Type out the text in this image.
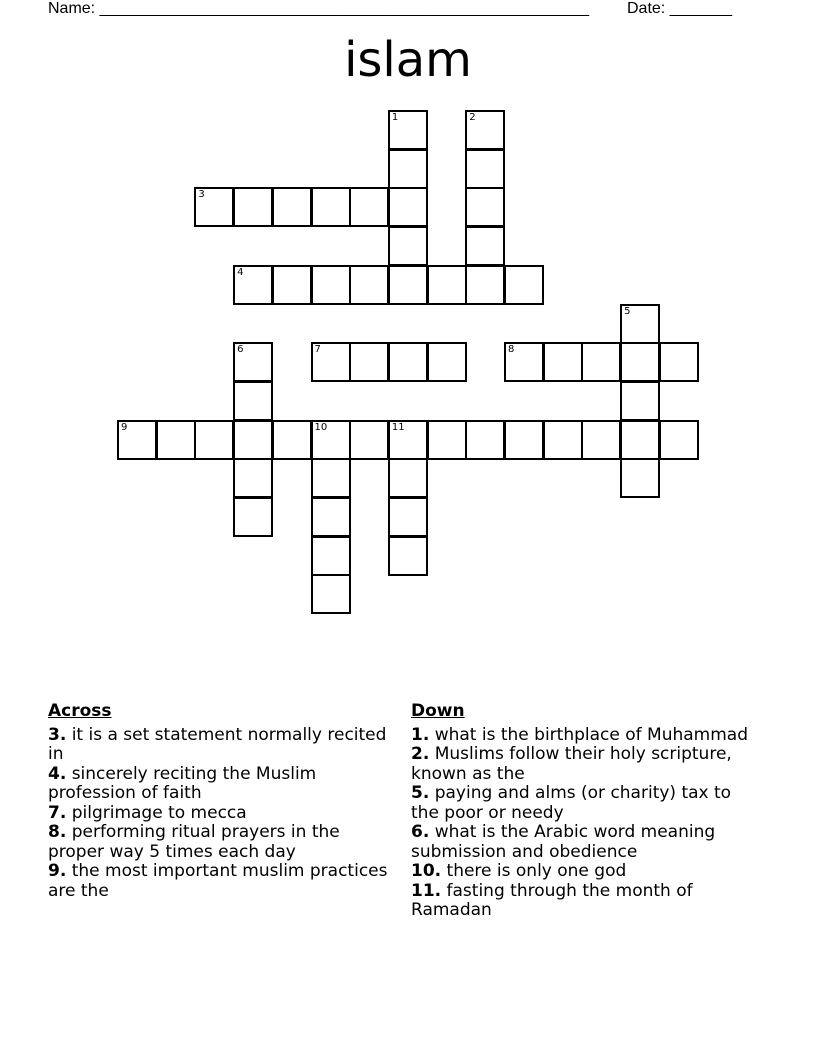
Name: _______________________________________________________ Date: _______
islam
1	2
3
4
5
6	7	8
9	10	11
Across

3. it is a set statement normally recited in

4. sincerely reciting the Muslim profession of faith

7. pilgrimage to mecca

8. performing ritual prayers in the proper way 5 times each day

9. the most important muslim practices are the

Down

1. what is the birthplace of Muhammad

2. Muslims follow their holy scripture, known as the

5. paying and alms (or charity) tax to the poor or needy

6. what is the Arabic word meaning submission and obedience

10. there is only one god

11. fasting through the month of Ramadan
